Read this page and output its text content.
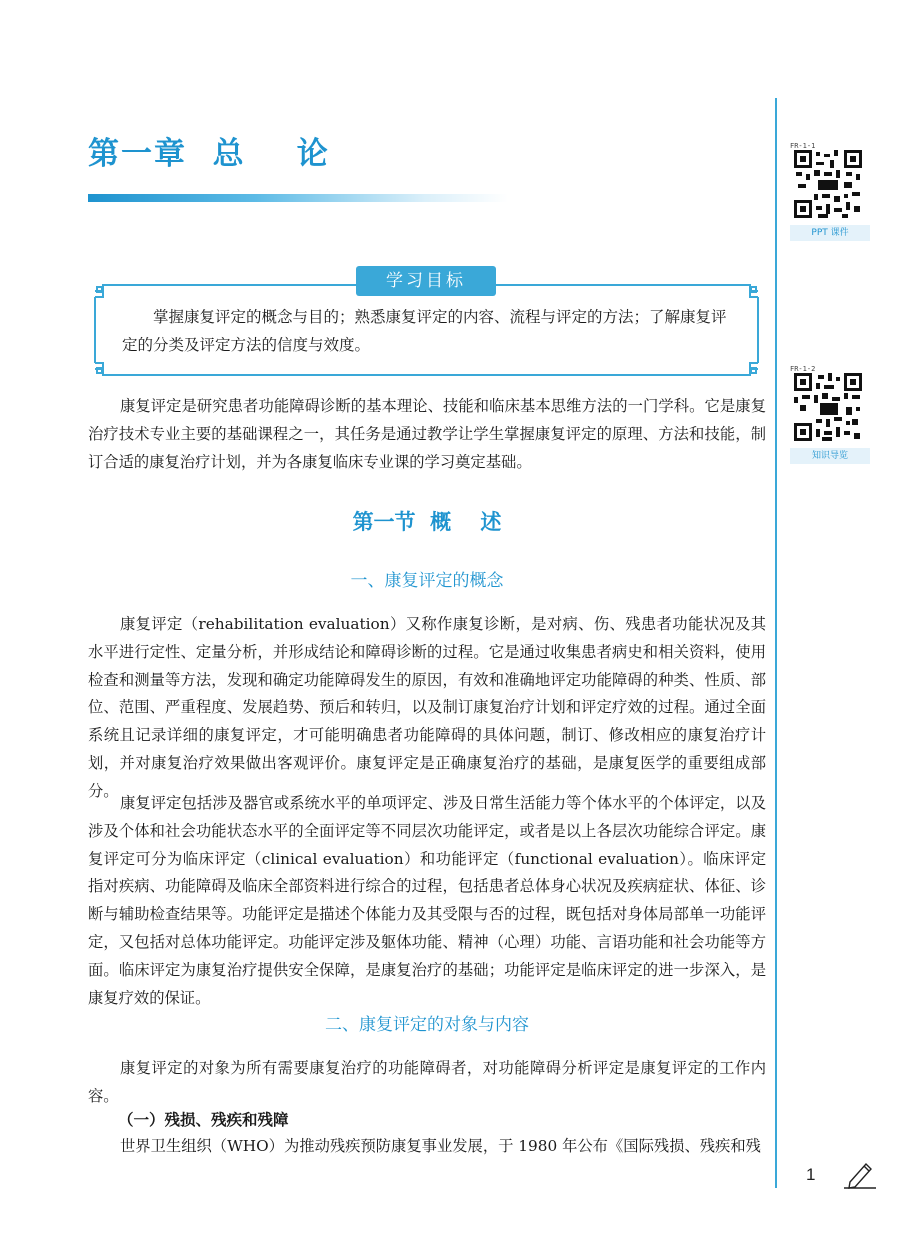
第一章  总    论
学习目标
掌握康复评定的概念与目的；熟悉康复评定的内容、流程与评定的方法；了解康复评定的分类及评定方法的信度与效度。
康复评定是研究患者功能障碍诊断的基本理论、技能和临床基本思维方法的一门学科。它是康复治疗技术专业主要的基础课程之一，其任务是通过教学让学生掌握康复评定的原理、方法和技能，制订合适的康复治疗计划，并为各康复临床专业课的学习奠定基础。
第一节  概    述
一、康复评定的概念
康复评定（rehabilitation evaluation）又称作康复诊断，是对病、伤、残患者功能状况及其水平进行定性、定量分析，并形成结论和障碍诊断的过程。它是通过收集患者病史和相关资料，使用检查和测量等方法，发现和确定功能障碍发生的原因，有效和准确地评定功能障碍的种类、性质、部位、范围、严重程度、发展趋势、预后和转归，以及制订康复治疗计划和评定疗效的过程。通过全面系统且记录详细的康复评定，才可能明确患者功能障碍的具体问题，制订、修改相应的康复治疗计划，并对康复治疗效果做出客观评价。康复评定是正确康复治疗的基础，是康复医学的重要组成部分。
康复评定包括涉及器官或系统水平的单项评定、涉及日常生活能力等个体水平的个体评定，以及涉及个体和社会功能状态水平的全面评定等不同层次功能评定，或者是以上各层次功能综合评定。康复评定可分为临床评定（clinical evaluation）和功能评定（functional evaluation）。临床评定指对疾病、功能障碍及临床全部资料进行综合的过程，包括患者总体身心状况及疾病症状、体征、诊断与辅助检查结果等。功能评定是描述个体能力及其受限与否的过程，既包括对身体局部单一功能评定，又包括对总体功能评定。功能评定涉及躯体功能、精神（心理）功能、言语功能和社会功能等方面。临床评定为康复治疗提供安全保障，是康复治疗的基础；功能评定是临床评定的进一步深入，是康复疗效的保证。
二、康复评定的对象与内容
康复评定的对象为所有需要康复治疗的功能障碍者，对功能障碍分析评定是康复评定的工作内容。
（一）残损、残疾和残障
世界卫生组织（WHO）为推动残疾预防康复事业发展，于 1980 年公布《国际残损、残疾和残
FR-1-1
PPT 课件
FR-1-2
知识导览
1
